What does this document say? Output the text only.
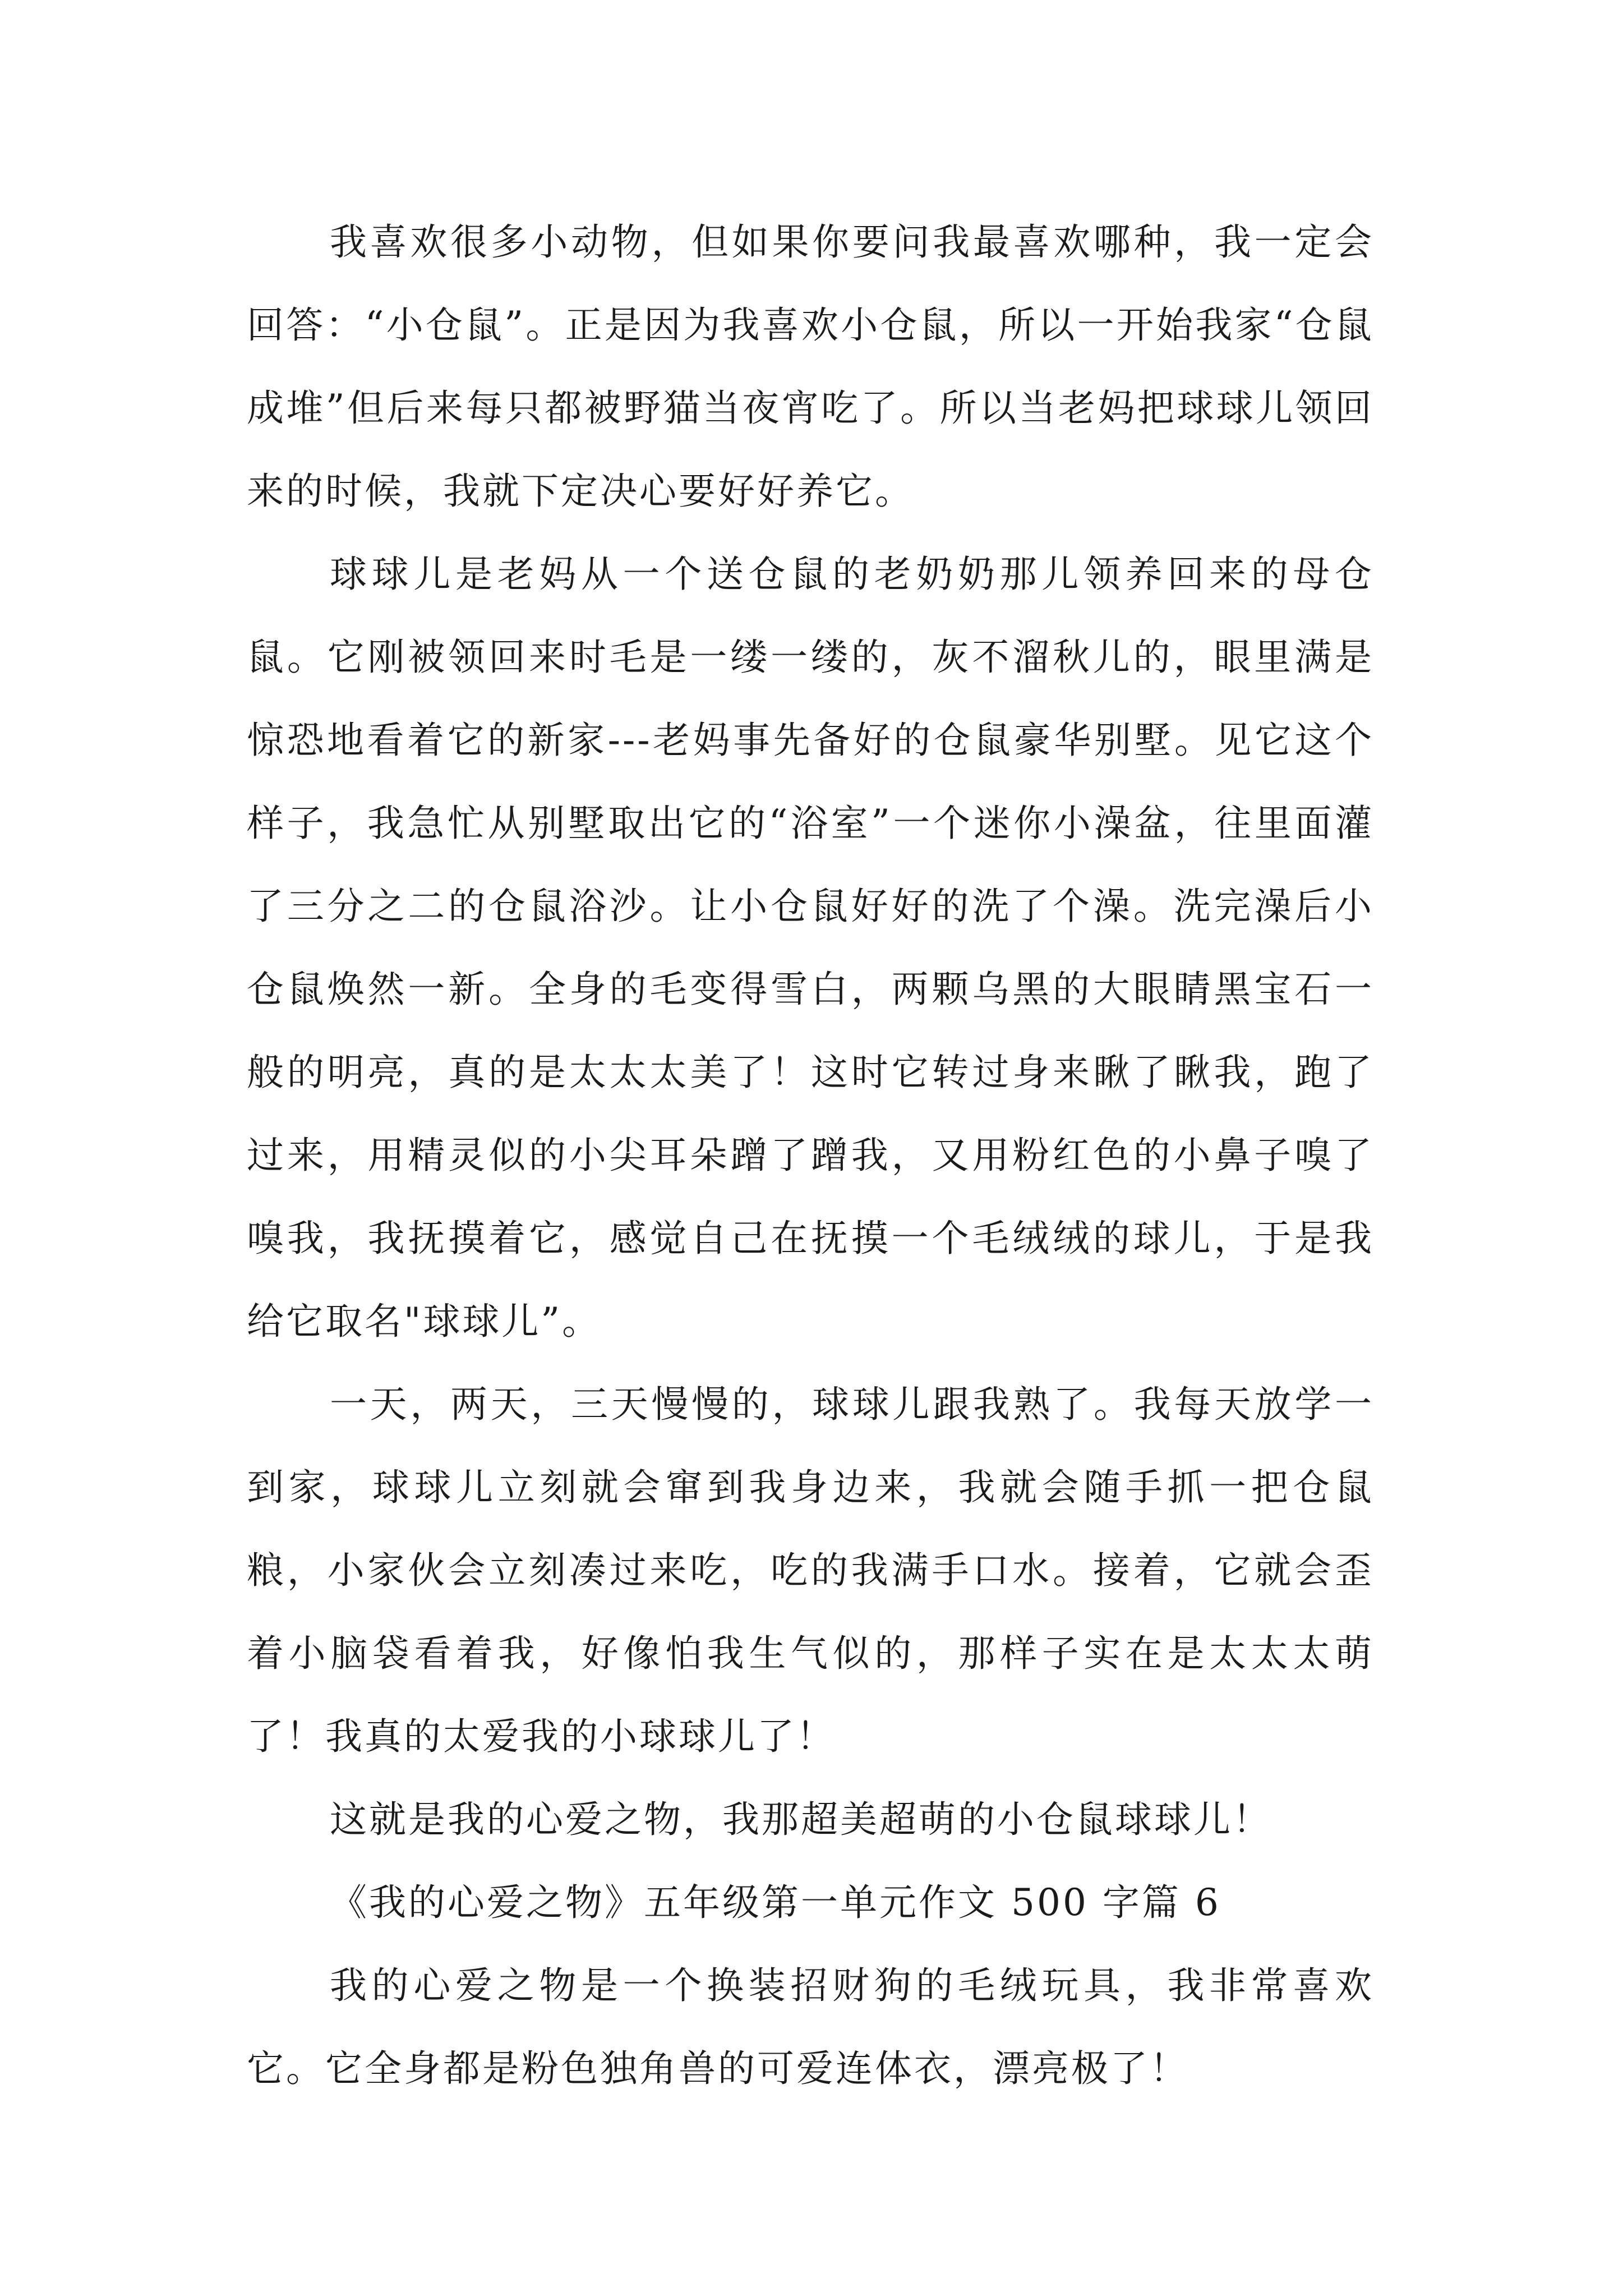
我喜欢很多小动物，但如果你要问我最喜欢哪种，我一定会回答：“小仓鼠”。正是因为我喜欢小仓鼠，所以一开始我家“仓鼠成堆”但后来每只都被野猫当夜宵吃了。所以当老妈把球球儿领回来的时候，我就下定决心要好好养它。

球球儿是老妈从一个送仓鼠的老奶奶那儿领养回来的母仓鼠。它刚被领回来时毛是一缕一缕的，灰不溜秋儿的，眼里满是惊恐地看着它的新家---老妈事先备好的仓鼠豪华别墅。见它这个样子，我急忙从别墅取出它的“浴室”一个迷你小澡盆，往里面灌了三分之二的仓鼠浴沙。让小仓鼠好好的洗了个澡。洗完澡后小仓鼠焕然一新。全身的毛变得雪白，两颗乌黑的大眼睛黑宝石一般的明亮，真的是太太太美了！这时它转过身来瞅了瞅我，跑了过来，用精灵似的小尖耳朵蹭了蹭我，又用粉红色的小鼻子嗅了嗅我，我抚摸着它，感觉自己在抚摸一个毛绒绒的球儿，于是我给它取名"球球儿”。

一天，两天，三天慢慢的，球球儿跟我熟了。我每天放学一到家，球球儿立刻就会窜到我身边来，我就会随手抓一把仓鼠粮，小家伙会立刻凑过来吃，吃的我满手口水。接着，它就会歪着小脑袋看着我，好像怕我生气似的，那样子实在是太太太萌了！我真的太爱我的小球球儿了！

这就是我的心爱之物，我那超美超萌的小仓鼠球球儿！

《我的心爱之物》五年级第一单元作文 500 字篇 6

我的心爱之物是一个换装招财狗的毛绒玩具，我非常喜欢它。它全身都是粉色独角兽的可爱连体衣，漂亮极了！
